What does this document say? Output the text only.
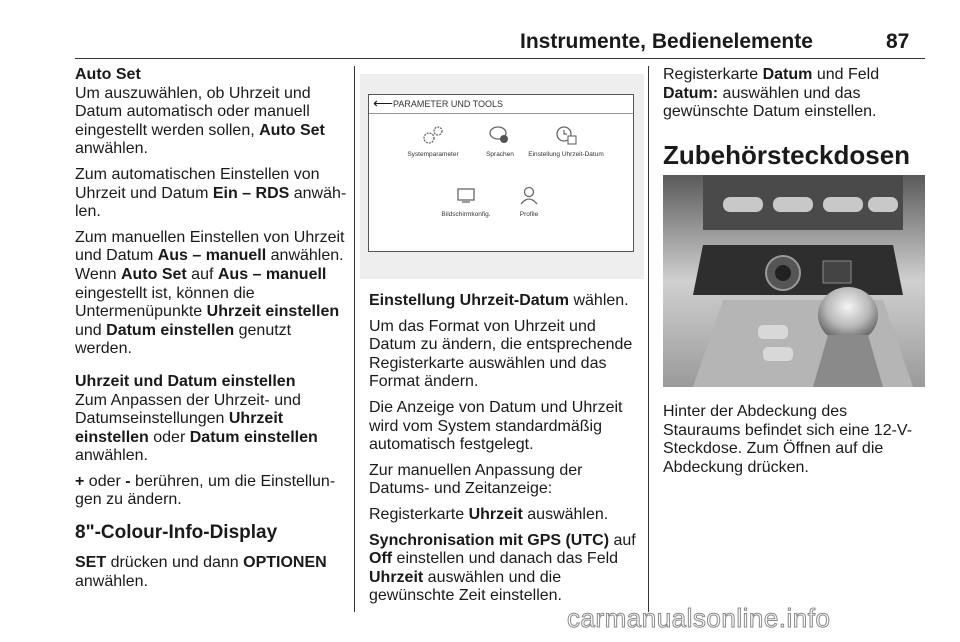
Instrumente, Bedienelemente	87

Auto Set
Um auszuwählen, ob Uhrzeit und Datum automatisch oder manuell eingestellt werden sollen, Auto Set anwählen.

Zum automatischen Einstellen von Uhrzeit und Datum Ein – RDS anwählen.

Zum manuellen Einstellen von Uhrzeit und Datum Aus – manuell anwählen. Wenn Auto Set auf Aus – manuell eingestellt ist, können die Untermenüpunkte Uhrzeit einstellen und Datum einstellen genutzt werden.

Uhrzeit und Datum einstellen
Zum Anpassen der Uhrzeit- und Datumseinstellungen Uhrzeit einstellen oder Datum einstellen anwählen.

+ oder - berühren, um die Einstellungen zu ändern.

8"-Colour-Info-Display

SET drücken und dann OPTIONEN anwählen.

⟵ PARAMETER UND TOOLS
Systemparameter	Sprachen	Einstellung Uhrzeit-Datum
Bildschirmkonfig.	Profile

Einstellung Uhrzeit-Datum wählen.

Um das Format von Uhrzeit und Datum zu ändern, die entsprechende Registerkarte auswählen und das Format ändern.

Die Anzeige von Datum und Uhrzeit wird vom System standardmäßig automatisch festgelegt.

Zur manuellen Anpassung der Datums- und Zeitanzeige:

Registerkarte Uhrzeit auswählen.

Synchronisation mit GPS (UTC) auf Off einstellen und danach das Feld Uhrzeit auswählen und die gewünschte Zeit einstellen.

Registerkarte Datum und Feld Datum: auswählen und das gewünschte Datum einstellen.

Zubehörsteckdosen

Hinter der Abdeckung des Stauraums befindet sich eine 12-V-Steckdose. Zum Öffnen auf die Abdeckung drücken.

carmanualsonline.info
